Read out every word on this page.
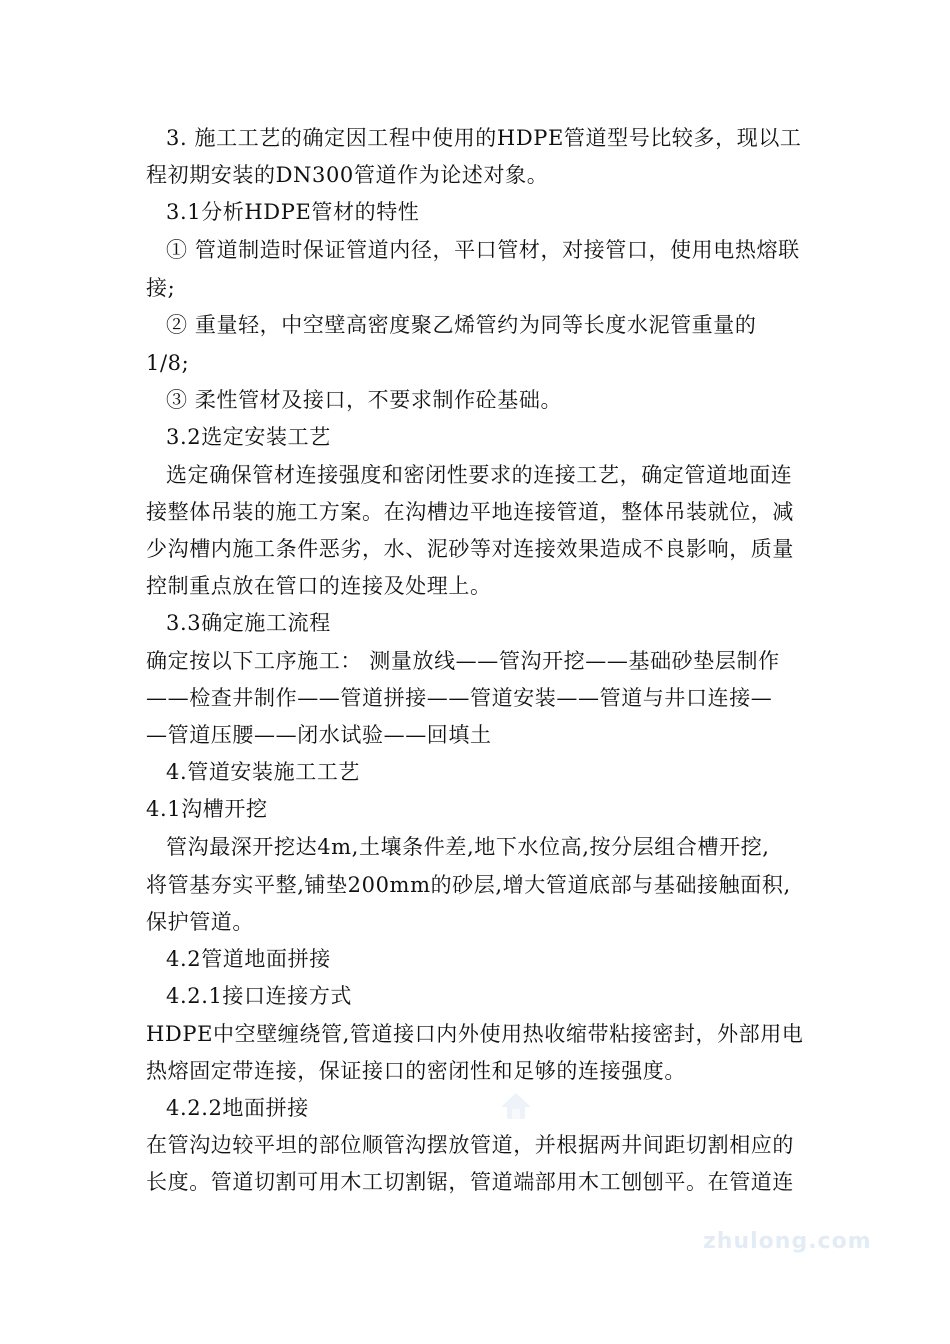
3. 施工工艺的确定因工程中使用的HDPE管道型号比较多，现以工
程初期安装的DN300管道作为论述对象。
3.1分析HDPE管材的特性
① 管道制造时保证管道内径，平口管材，对接管口，使用电热熔联
接;
② 重量轻，中空壁高密度聚乙烯管约为同等长度水泥管重量的
1/8;
③ 柔性管材及接口，不要求制作砼基础。
3.2选定安装工艺
选定确保管材连接强度和密闭性要求的连接工艺，确定管道地面连
接整体吊装的施工方案。在沟槽边平地连接管道，整体吊装就位，减
少沟槽内施工条件恶劣，水、泥砂等对连接效果造成不良影响，质量
控制重点放在管口的连接及处理上。
3.3确定施工流程
确定按以下工序施工： 测量放线——管沟开挖——基础砂垫层制作
——检查井制作——管道拼接——管道安装——管道与井口连接—
—管道压腰——闭水试验——回填土
4.管道安装施工工艺
4.1沟槽开挖
管沟最深开挖达4m,土壤条件差,地下水位高,按分层组合槽开挖,
将管基夯实平整,铺垫200mm的砂层,增大管道底部与基础接触面积,
保护管道。
4.2管道地面拼接
4.2.1接口连接方式
HDPE中空壁缠绕管,管道接口内外使用热收缩带粘接密封，外部用电
热熔固定带连接，保证接口的密闭性和足够的连接强度。
4.2.2地面拼接
在管沟边较平坦的部位顺管沟摆放管道，并根据两井间距切割相应的
长度。管道切割可用木工切割锯，管道端部用木工刨刨平。在管道连
zhulong.com
